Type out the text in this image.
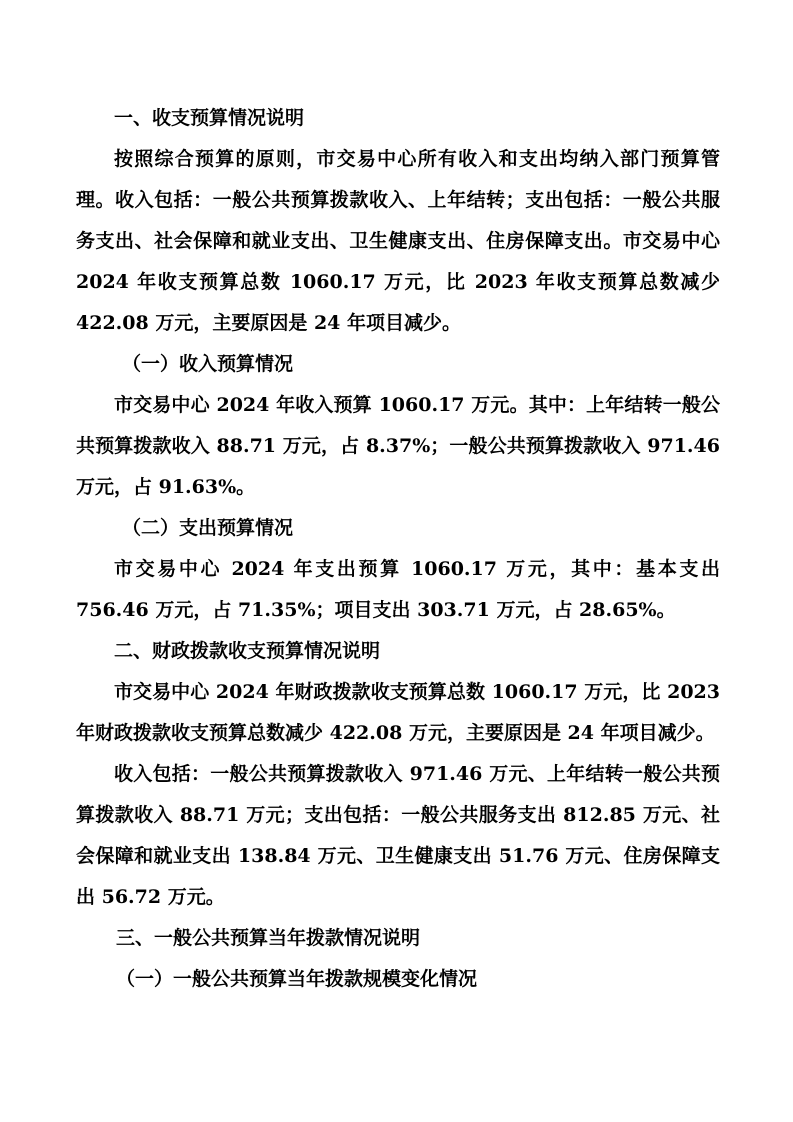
一、收支预算情况说明

按照综合预算的原则，市交易中心所有收入和支出均纳入部门预算管理。收入包括：一般公共预算拨款收入、上年结转；支出包括：一般公共服务支出、社会保障和就业支出、卫生健康支出、住房保障支出。市交易中心 2024 年收支预算总数 1060.17 万元，比 2023 年收支预算总数减少 422.08 万元，主要原因是 24 年项目减少。

（一）收入预算情况

市交易中心 2024 年收入预算 1060.17 万元。其中：上年结转一般公共预算拨款收入 88.71 万元，占 8.37%；一般公共预算拨款收入 971.46 万元，占 91.63%。

（二）支出预算情况

市交易中心 2024 年支出预算 1060.17 万元，其中：基本支出 756.46 万元，占 71.35%；项目支出 303.71 万元，占 28.65%。

二、财政拨款收支预算情况说明

市交易中心 2024 年财政拨款收支预算总数 1060.17 万元，比 2023 年财政拨款收支预算总数减少 422.08 万元，主要原因是 24 年项目减少。

收入包括：一般公共预算拨款收入 971.46 万元、上年结转一般公共预算拨款收入 88.71 万元；支出包括：一般公共服务支出 812.85 万元、社会保障和就业支出 138.84 万元、卫生健康支出 51.76 万元、住房保障支出 56.72 万元。

三、一般公共预算当年拨款情况说明

（一）一般公共预算当年拨款规模变化情况
